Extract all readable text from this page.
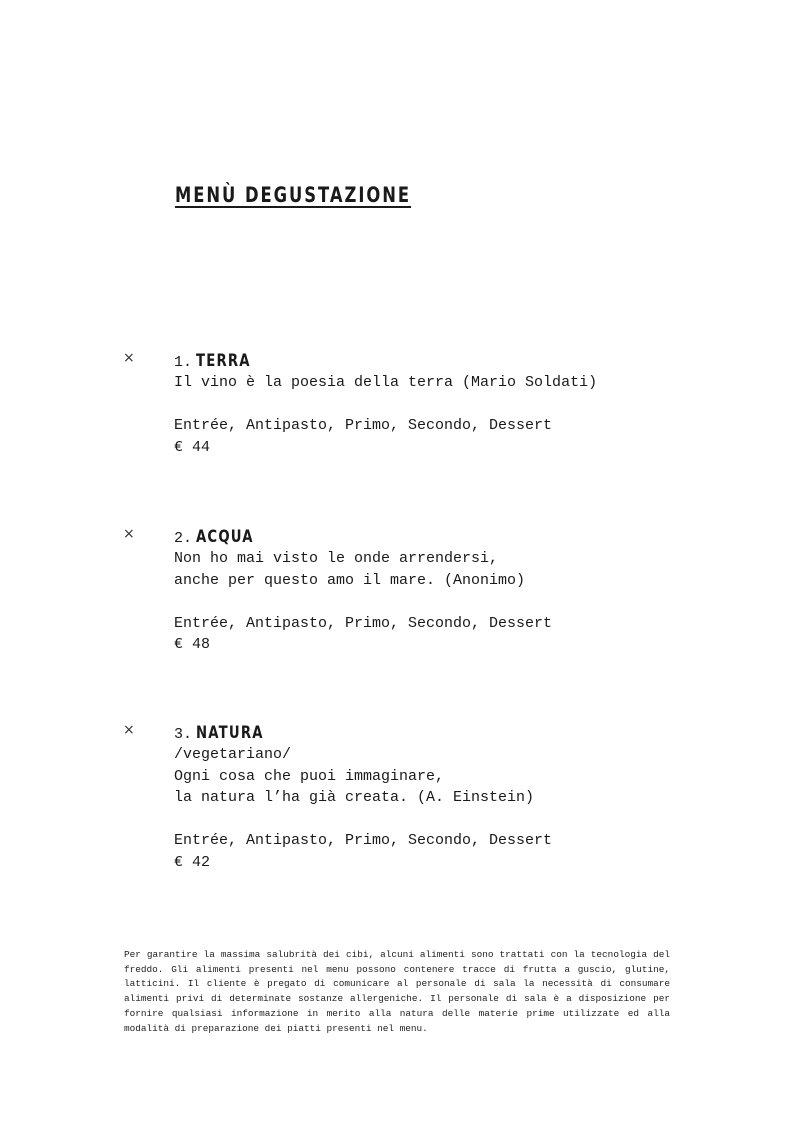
MENÙ DEGUSTAZIONE
×	1. TERRA
Il vino è la poesia della terra (Mario Soldati)
Entrée, Antipasto, Primo, Secondo, Dessert
€ 44
×	2. ACQUA
Non ho mai visto le onde arrendersi,
anche per questo amo il mare. (Anonimo)
Entrée, Antipasto, Primo, Secondo, Dessert
€ 48
×	3. NATURA
/vegetariano/
Ogni cosa che puoi immaginare,
la natura l’ha già creata. (A. Einstein)
Entrée, Antipasto, Primo, Secondo, Dessert
€ 42
Per garantire la massima salubrità dei cibi, alcuni alimenti sono trattati con la tecnologia del freddo. Gli alimenti presenti nel menu possono contenere tracce di frutta a guscio, glutine, latticini. Il cliente è pregato di comunicare al personale di sala la necessità di consumare alimenti privi di determinate sostanze allergeniche. Il personale di sala è a disposizione per fornire qualsiasi informazione in merito alla natura delle materie prime utilizzate ed alla modalità di preparazione dei piatti presenti nel menu.
